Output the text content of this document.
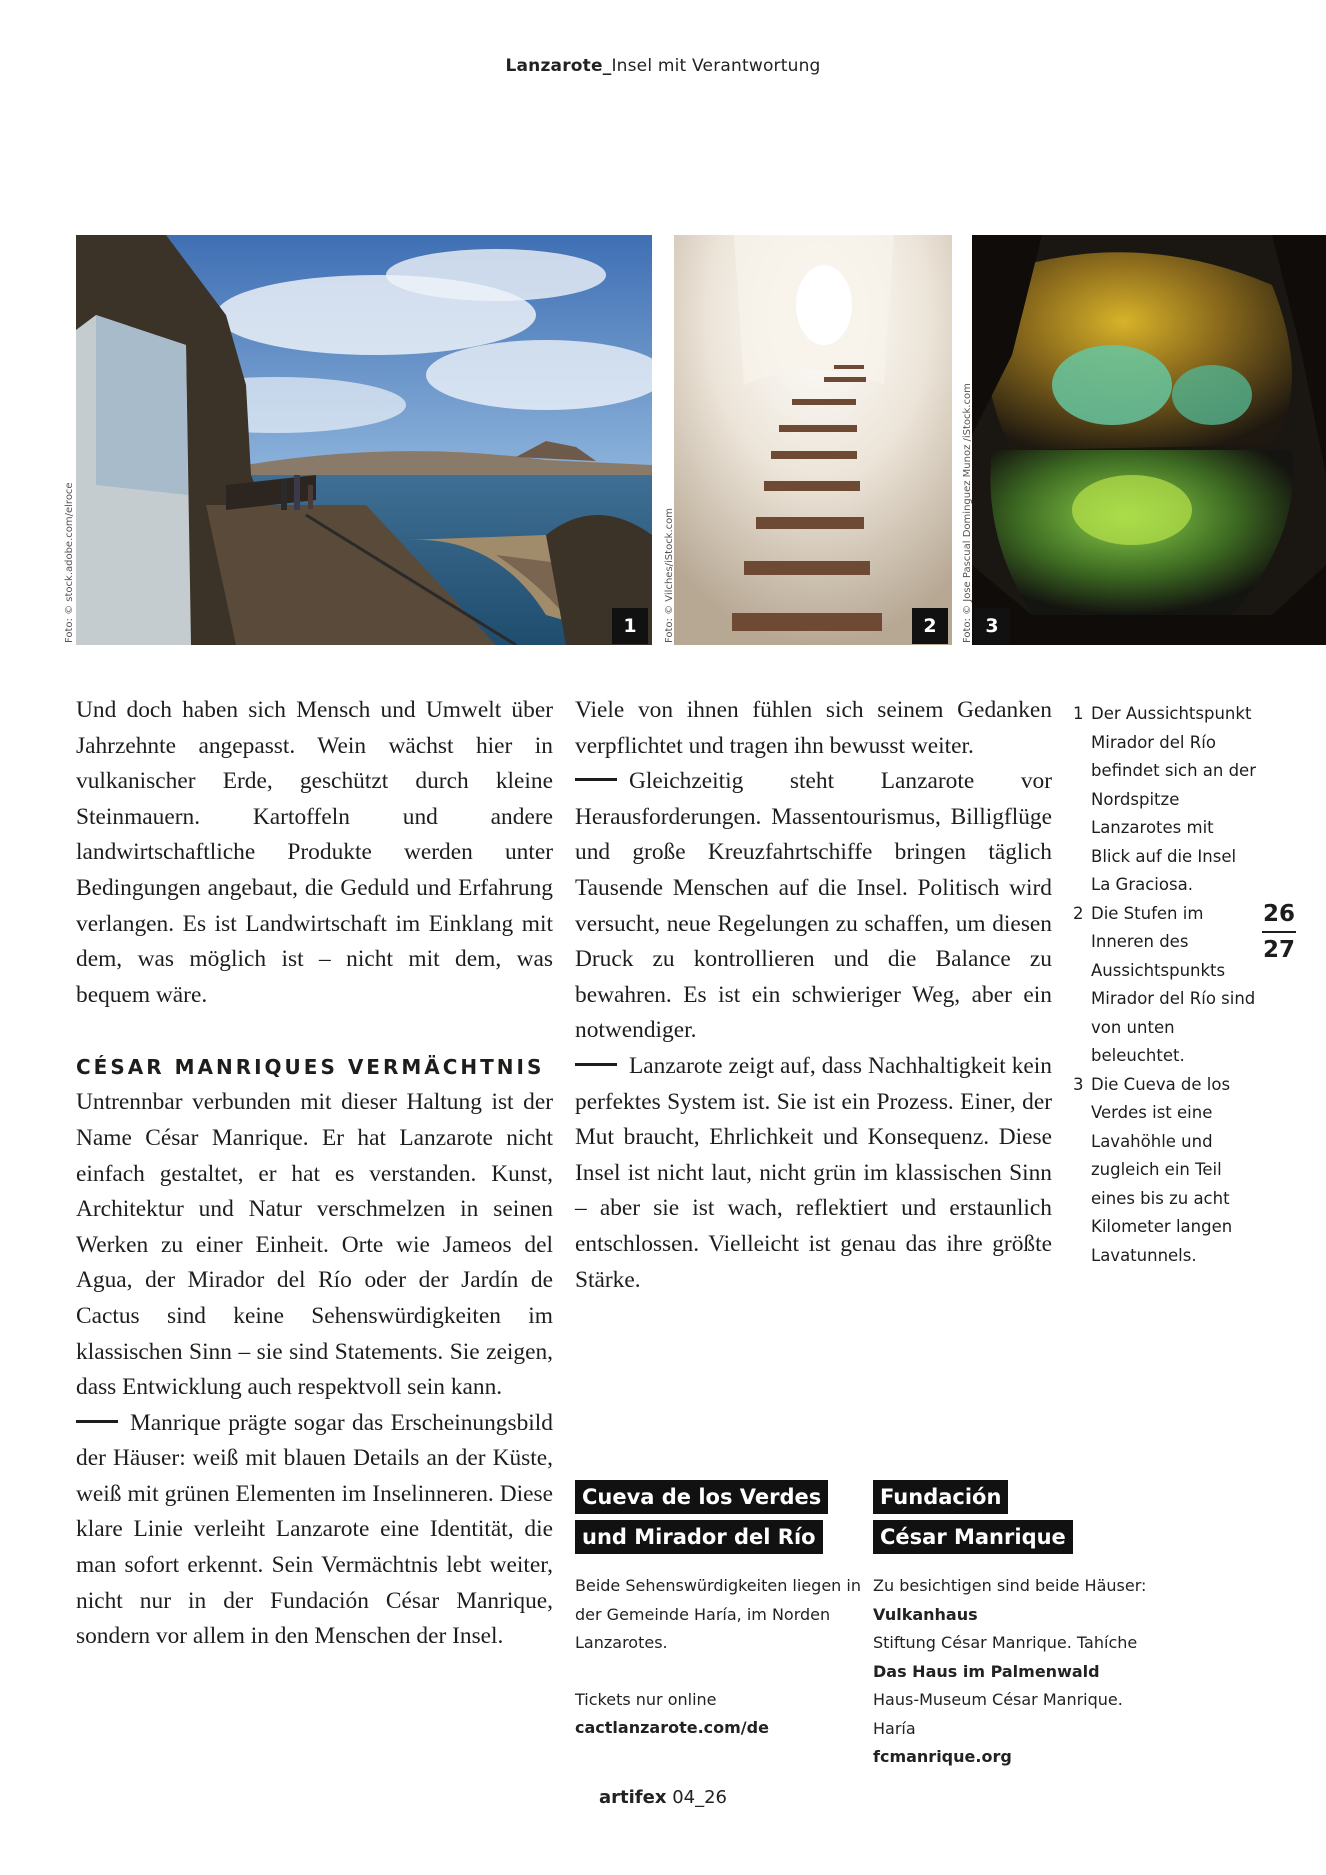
Lanzarote_Insel mit Verantwortung
Foto: © stock.adobe.com/elroce	1	Foto: © Vilches/iStock.com	2	Foto: © Jose Pascual Dominguez Munoz /iStock.com 3

Und doch haben sich Mensch und Umwelt über Jahrzehnte angepasst. Wein wächst hier in vulkanischer Erde, geschützt durch kleine Steinmauern. Kartoffeln und andere landwirtschaftliche Produkte werden unter Bedingungen angebaut, die Geduld und Erfahrung verlangen. Es ist Landwirtschaft im Einklang mit dem, was möglich ist – nicht mit dem, was bequem wäre.

CÉSAR MANRIQUES VERMÄCHTNIS

Untrennbar verbunden mit dieser Haltung ist der Name César Manrique. Er hat Lanzarote nicht einfach gestaltet, er hat es verstanden. Kunst, Architektur und Natur verschmelzen in seinen Werken zu einer Einheit. Orte wie Jameos del Agua, der Mirador del Río oder der Jardín de Cactus sind keine Sehenswürdigkeiten im klassischen Sinn – sie sind Statements. Sie zeigen, dass Entwicklung auch respektvoll sein kann.

Manrique prägte sogar das Erscheinungsbild der Häuser: weiß mit blauen Details an der Küste, weiß mit grünen Elementen im Inselinneren. Diese klare Linie verleiht Lanzarote eine Identität, die man sofort erkennt. Sein Vermächtnis lebt weiter, nicht nur in der Fundación César Manrique, sondern vor allem in den Menschen der Insel.

Viele von ihnen fühlen sich seinem Gedanken verpflichtet und tragen ihn bewusst weiter.

Gleichzeitig steht Lanzarote vor Herausforderungen. Massentourismus, Billigflüge und große Kreuzfahrtschiffe bringen täglich Tausende Menschen auf die Insel. Politisch wird versucht, neue Regelungen zu schaffen, um diesen Druck zu kontrollieren und die Balance zu bewahren. Es ist ein schwieriger Weg, aber ein notwendiger.

Lanzarote zeigt auf, dass Nachhaltigkeit kein perfektes System ist. Sie ist ein Prozess. Einer, der Mut braucht, Ehrlichkeit und Konsequenz. Diese Insel ist nicht laut, nicht grün im klassischen Sinn – aber sie ist wach, reflektiert und erstaunlich entschlossen. Vielleicht ist genau das ihre größte Stärke.

1 Der Aussichtspunkt Mirador del Río befindet sich an der Nordspitze Lanzarotes mit Blick auf die Insel La Graciosa.
2 Die Stufen im Inneren des Aussichtspunkts Mirador del Río sind von unten beleuchtet.
3 Die Cueva de los Verdes ist eine Lavahöhle und zugleich ein Teil eines bis zu acht Kilometer langen Lavatunnels.
26
27
Cueva de los Verdes
und Mirador del Río
Beide Sehenswürdigkeiten liegen in der Gemeinde Haría, im Norden Lanzarotes.
Tickets nur online
cactlanzarote.com/de
Fundación
César Manrique
Zu besichtigen sind beide Häuser:
Vulkanhaus
Stiftung César Manrique. Tahíche
Das Haus im Palmenwald
Haus-Museum César Manrique. Haría
fcmanrique.org
artifex 04_26
